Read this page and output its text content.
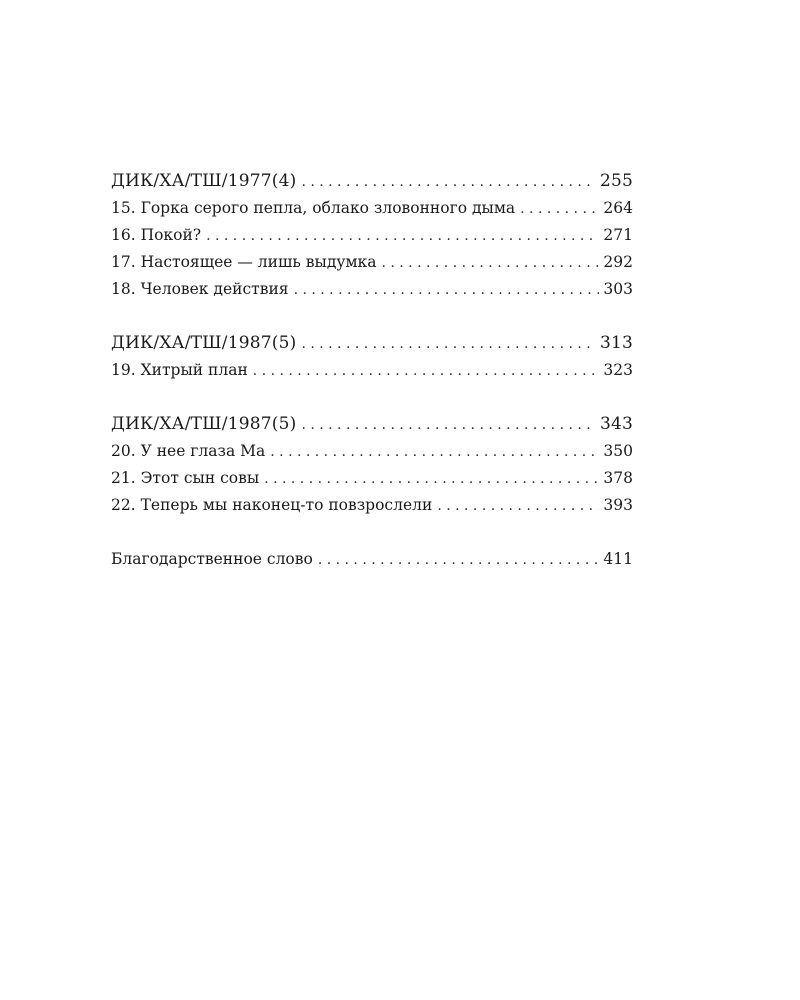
ДИК/ХА/ТШ/1977(4) . . .	255
15. Горка серого пепла, облако зловонного дыма . . .	264
16. Покой? . . .	271
17. Настоящее — лишь выдумка . . .	292
18. Человек действия . . .	303
ДИК/ХА/ТШ/1987(5) . . .	313
19. Хитрый план . . .	323
ДИК/ХА/ТШ/1987(5) . . .	343
20. У нее глаза Ма . . .	350
21. Этот сын совы . . .	378
22. Теперь мы наконец-то повзрослели . . .	393
Благодарственное слово . . .	411
